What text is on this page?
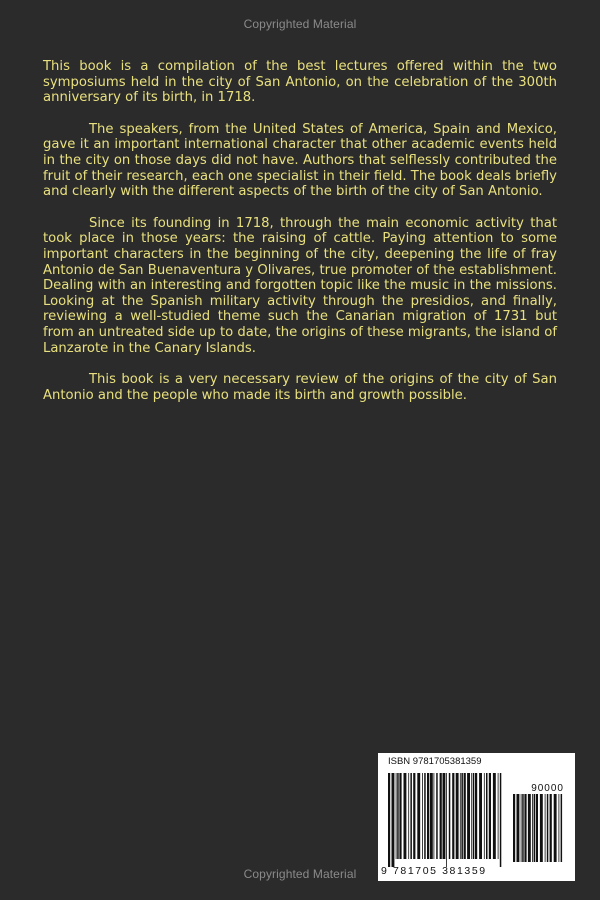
Copyrighted Material

This book is a compilation of the best lectures offered within the two symposiums held in the city of San Antonio, on the celebration of the 300th anniversary of its birth, in 1718.

The speakers, from the United States of America, Spain and Mexico, gave it an important international character that other academic events held in the city on those days did not have. Authors that selflessly contributed the fruit of their research, each one specialist in their field. The book deals briefly and clearly with the different aspects of the birth of the city of San Antonio.

Since its founding in 1718, through the main economic activity that took place in those years: the raising of cattle. Paying attention to some important characters in the beginning of the city, deepening the life of fray Antonio de San Buenaventura y Olivares, true promoter of the establishment. Dealing with an interesting and forgotten topic like the music in the missions. Looking at the Spanish military activity through the presidios, and finally, reviewing a well-studied theme such the Canarian migration of 1731 but from an untreated side up to date, the origins of these migrants, the island of Lanzarote in the Canary Islands.

This book is a very necessary review of the origins of the city of San Antonio and the people who made its birth and growth possible.

ISBN 9781705381359
90000
9 781705 381359
Copyrighted Material
